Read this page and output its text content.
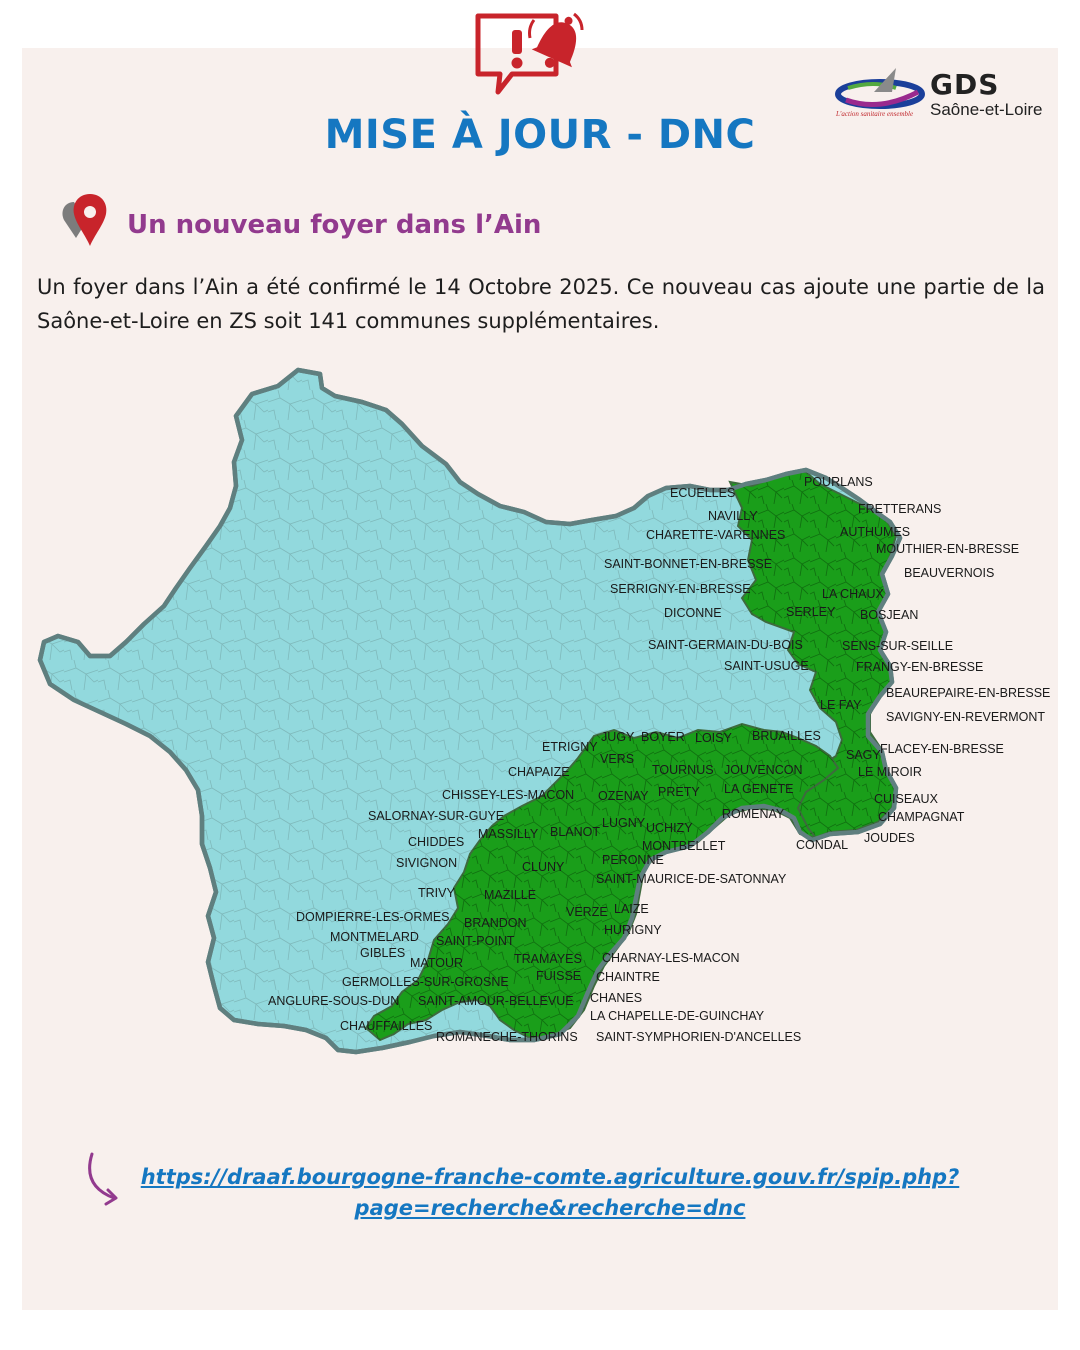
GDS
Saône-et-Loire
L'action sanitaire ensemble
MISE À JOUR - DNC
Un nouveau foyer dans l’Ain
Un foyer dans l’Ain a été confirmé le 14 Octobre 2025. Ce nouveau cas ajoute une partie de la Saône-et-Loire en ZS soit 141 communes supplémentaires.
POURLANS
ECUELLES
FRETTERANS
NAVILLY
AUTHUMES
CHARETTE-VARENNES
MOUTHIER-EN-BRESSE
SAINT-BONNET-EN-BRESSE
BEAUVERNOIS
SERRIGNY-EN-BRESSE	LA CHAUX
DICONNE	SERLEY BOSJEAN
SAINT-GERMAIN-DU-BOIS	SENS-SUR-SEILLE
SAINT-USUGE	FRANGY-EN-BRESSE
BEAUREPAIRE-EN-BRESSE
LE FAY
SAVIGNY-EN-REVERMONT
JUGY BOYER	BRUAILLES
ETRIGNY
LOISY
SAGY FLACEY-EN-BRESSE
VERS
TOURNUS JOUVENCON	LE MIROIR
CHAPAIZE
CHISSEY-LES-MACON OZENAY PRETY LA GENETE
CUISEAUX
ROMENAY	CHAMPAGNAT
SALORNAY-SUR-GUYE
MASSILLY BLANOT
LUGNY UCHIZY
JOUDES
CHIDDES	MONTBELLET	CONDAL
SIVIGNON	CLUNY	PERONNE
SAINT-MAURICE-DE-SATONNAY
TRIVY MAZILLE
DOMPIERRE-LES-ORMES BRANDON
VERZE LAIZE
MONTMELARD SAINT-POINT
HURIGNY
GIBLES
MATOUR	TRAMAYES CHARNAY-LES-MACON
FUISSE CHAINTRE
GERMOLLES-SUR-GROSNE
ANGLURE-SOUS-DUN SAINT-AMOUR-BELLEVUE CHANES
LA CHAPELLE-DE-GUINCHAY
CHAUFFAILLES
ROMANECHE-THORINS SAINT-SYMPHORIEN-D'ANCELLES
https://draaf.bourgogne-franche-comte.agriculture.gouv.fr/spip.php?
page=recherche&recherche=dnc
